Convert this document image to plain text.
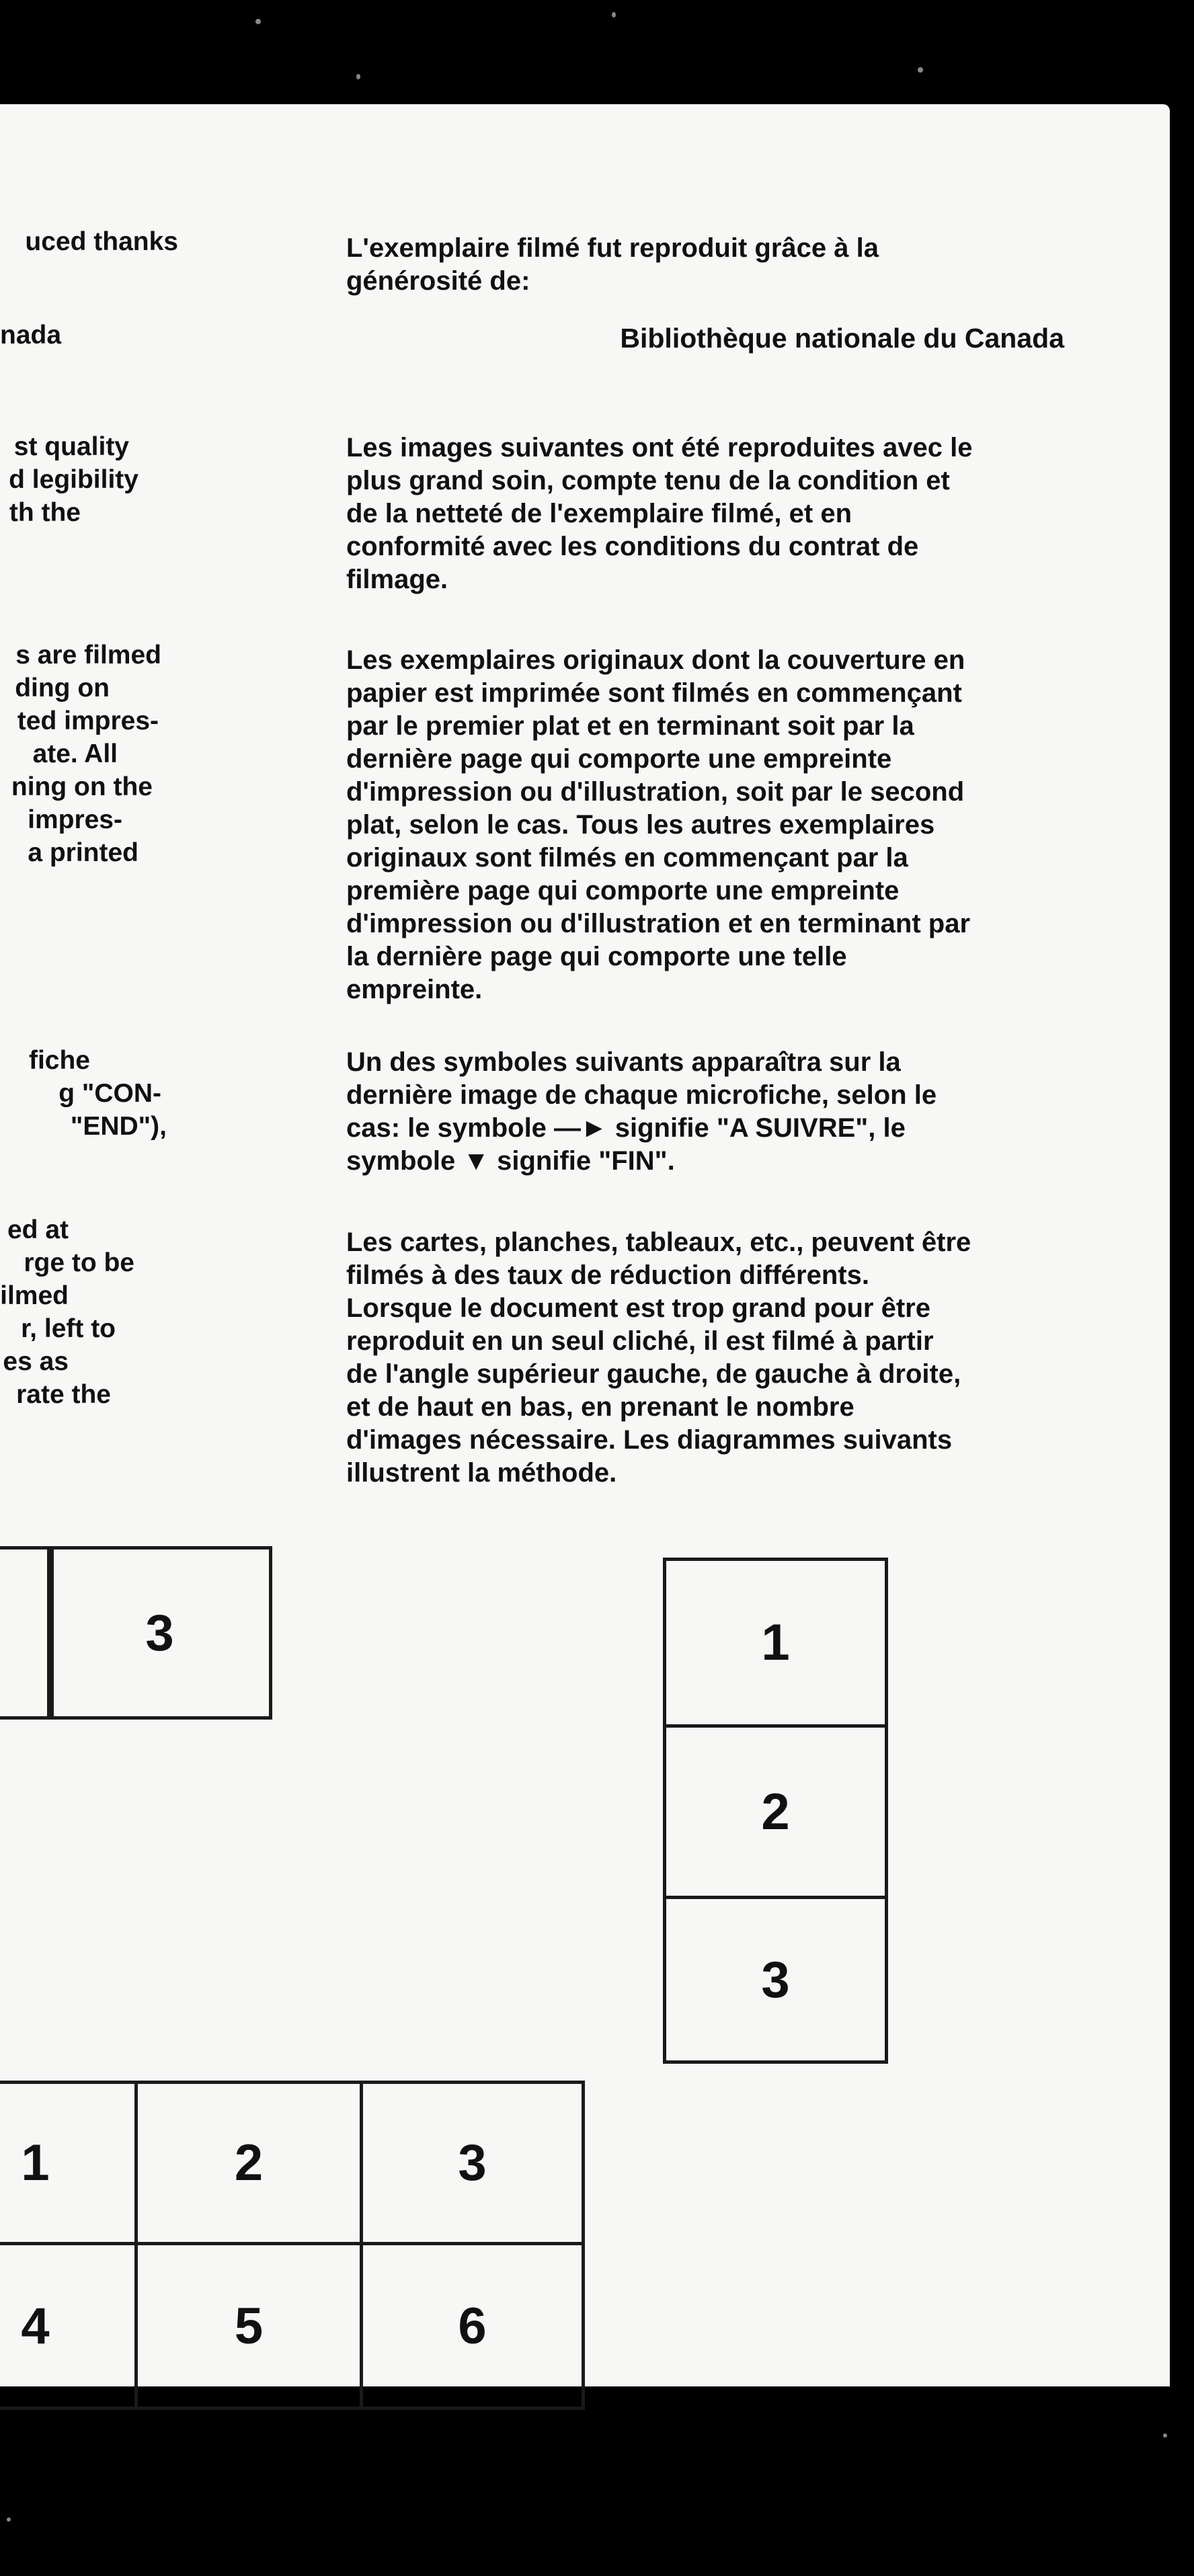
uced thanks
nada
st quality
d legibility
th the
s are filmed
ding on
ted impres-
ate. All
ning on the
impres-
a printed
fiche
g "CON-
"END"),
ed at
rge to be
ilmed
r, left to
es as
rate the
L'exemplaire filmé fut reproduit grâce à la
générosité de:
Bibliothèque nationale du Canada
Les images suivantes ont été reproduites avec le
plus grand soin, compte tenu de la condition et
de la netteté de l'exemplaire filmé, et en
conformité avec les conditions du contrat de
filmage.
Les exemplaires originaux dont la couverture en
papier est imprimée sont filmés en commençant
par le premier plat et en terminant soit par la
dernière page qui comporte une empreinte
d'impression ou d'illustration, soit par le second
plat, selon le cas. Tous les autres exemplaires
originaux sont filmés en commençant par la
première page qui comporte une empreinte
d'impression ou d'illustration et en terminant par
la dernière page qui comporte une telle
empreinte.
Un des symboles suivants apparaîtra sur la
dernière image de chaque microfiche, selon le
cas: le symbole —► signifie "A SUIVRE", le
symbole ▼ signifie "FIN".
Les cartes, planches, tableaux, etc., peuvent être
filmés à des taux de réduction différents.
Lorsque le document est trop grand pour être
reproduit en un seul cliché, il est filmé à partir
de l'angle supérieur gauche, de gauche à droite,
et de haut en bas, en prenant le nombre
d'images nécessaire. Les diagrammes suivants
illustrent la méthode.
3	1
2
3
1	2	3
4	5	6
